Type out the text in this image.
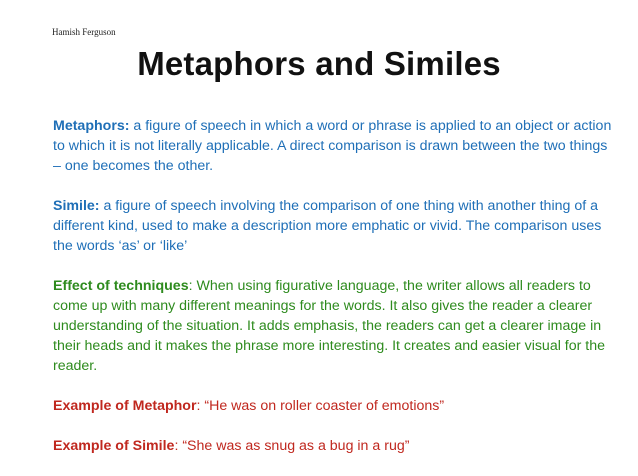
Hamish Ferguson
Metaphors and Similes

Metaphors: a figure of speech in which a word or phrase is applied to an object or action to which it is not literally applicable. A direct comparison is drawn between the two things – one becomes the other.

Simile: a figure of speech involving the comparison of one thing with another thing of a different kind, used to make a description more emphatic or vivid. The comparison uses the words ‘as’ or ‘like’

Effect of techniques: When using figurative language, the writer allows all readers to come up with many different meanings for the words. It also gives the reader a clearer understanding of the situation. It adds emphasis, the readers can get a clearer image in their heads and it makes the phrase more interesting. It creates and easier visual for the reader.

Example of Metaphor: “He was on roller coaster of emotions”

Example of Simile: “She was as snug as a bug in a rug”
